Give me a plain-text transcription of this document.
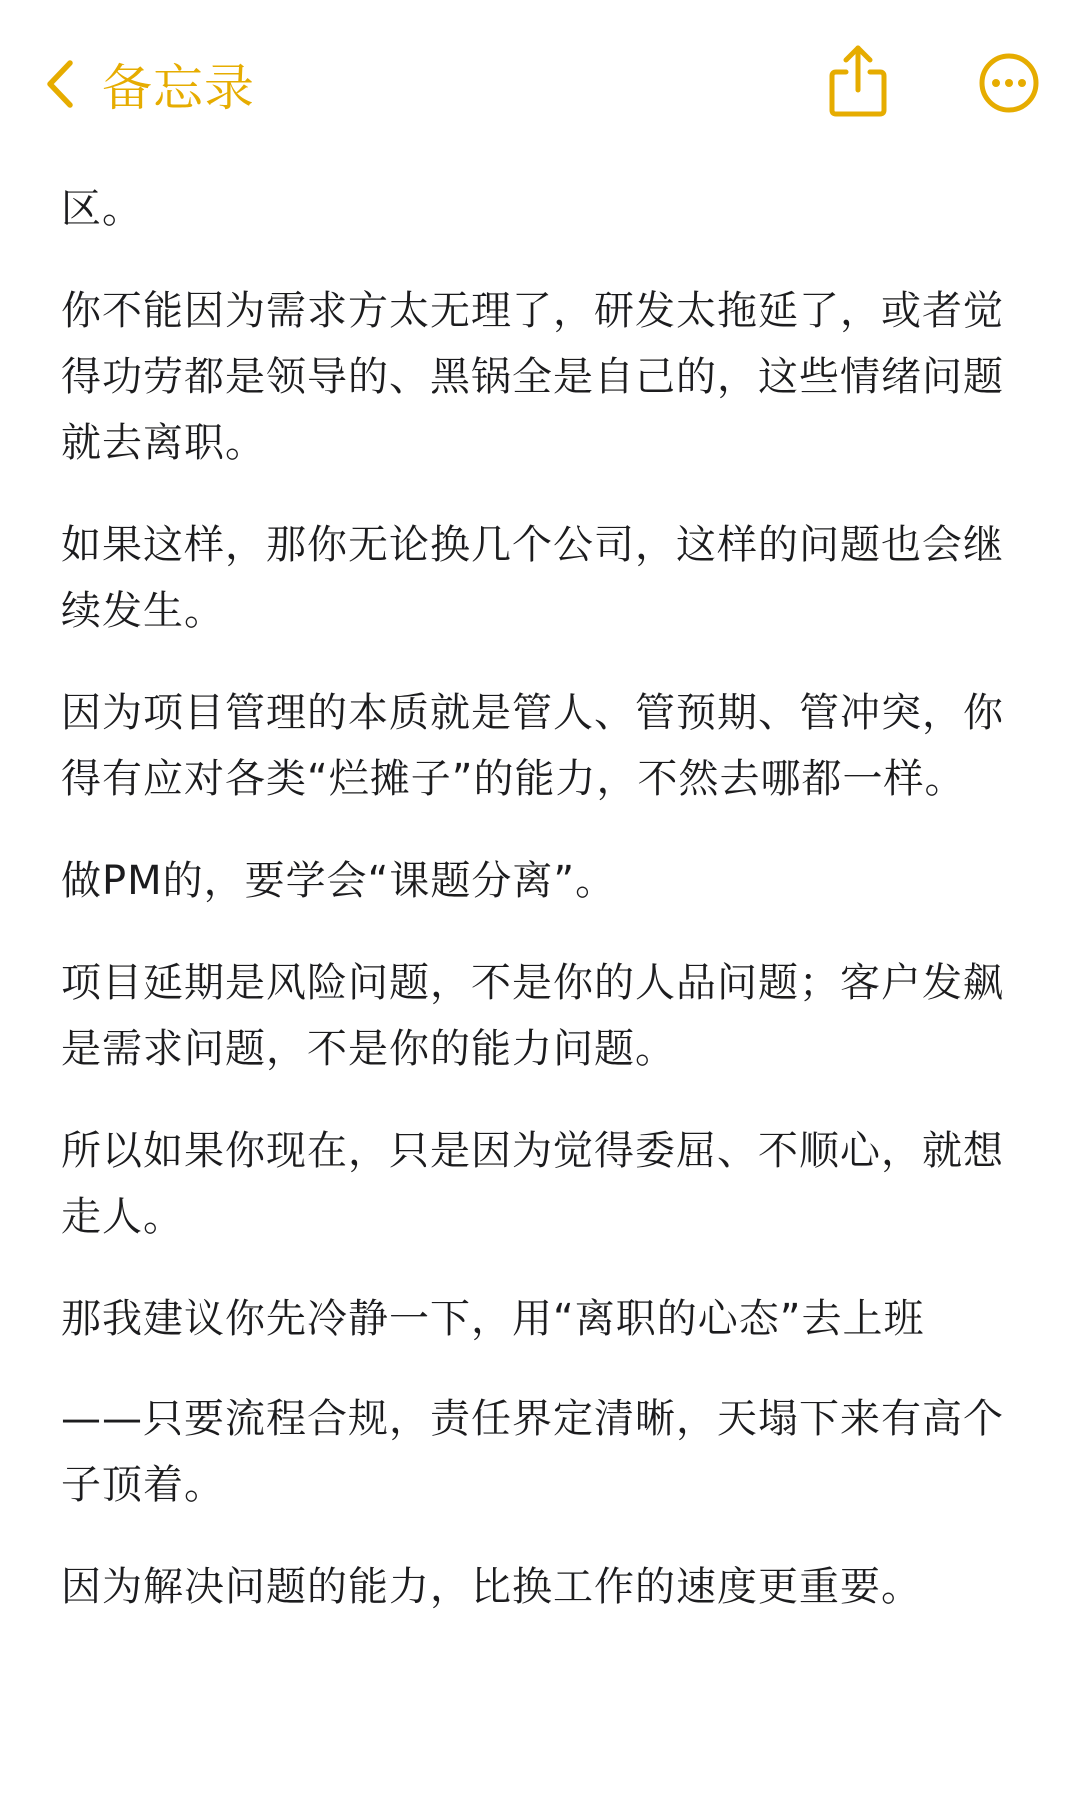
备忘录

区。

你不能因为需求方太无理了，研发太拖延了，或者觉得功劳都是领导的、黑锅全是自己的，这些情绪问题就去离职。

如果这样，那你无论换几个公司，这样的问题也会继续发生。

因为项目管理的本质就是管人、管预期、管冲突，你得有应对各类“烂摊子”的能力，不然去哪都一样。

做PM的，要学会“课题分离”。

项目延期是风险问题，不是你的人品问题；客户发飙是需求问题，不是你的能力问题。

所以如果你现在，只是因为觉得委屈、不顺心，就想走人。

那我建议你先冷静一下，用“离职的心态”去上班

——只要流程合规，责任界定清晰，天塌下来有高个子顶着。

因为解决问题的能力，比换工作的速度更重要。
